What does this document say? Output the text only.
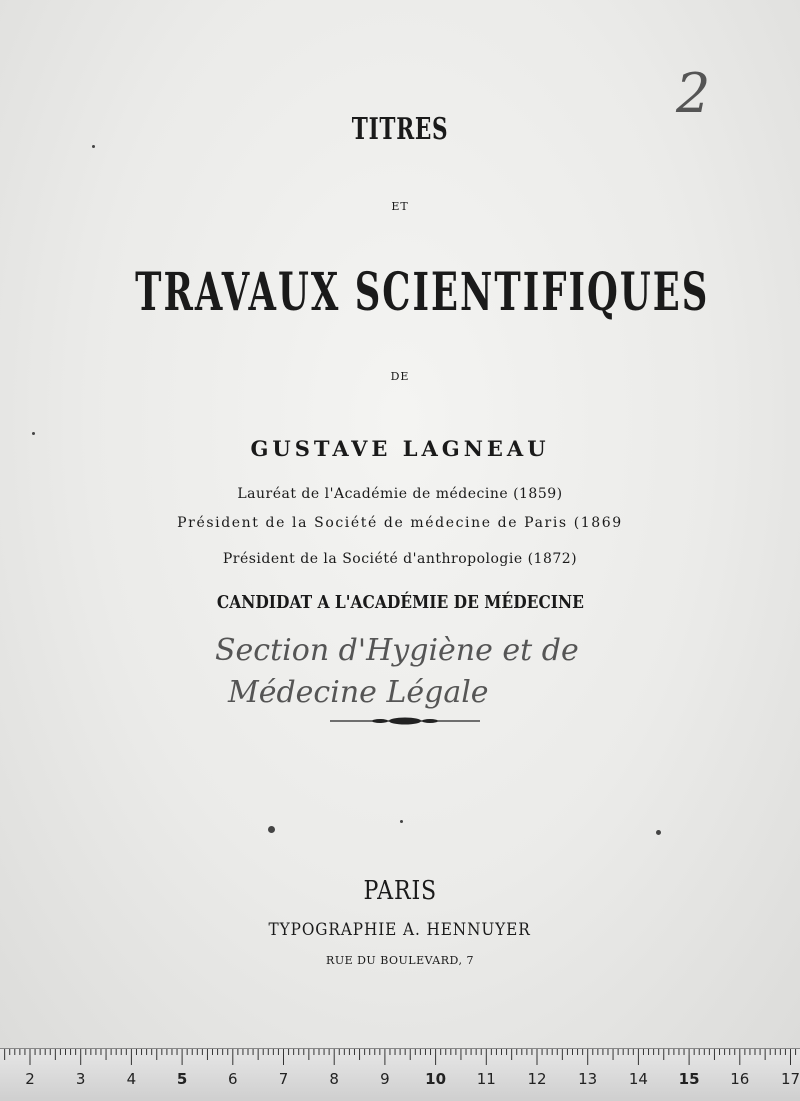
TITRES
ET
TRAVAUX SCIENTIFIQUES
DE
GUSTAVE LAGNEAU
Lauréat de l'Académie de médecine (1859)
Président de la Société de médecine de Paris (1869
Président de la Société d'anthropologie (1872)
CANDIDAT A L'ACADÉMIE DE MÉDECINE
Section d'Hygiène et de
Médecine Légale
2
PARIS
TYPOGRAPHIE A. HENNUYER
RUE DU BOULEVARD, 7
2	3	4	5	6	7	8	9 10 11 12 13 14 15 16 17
